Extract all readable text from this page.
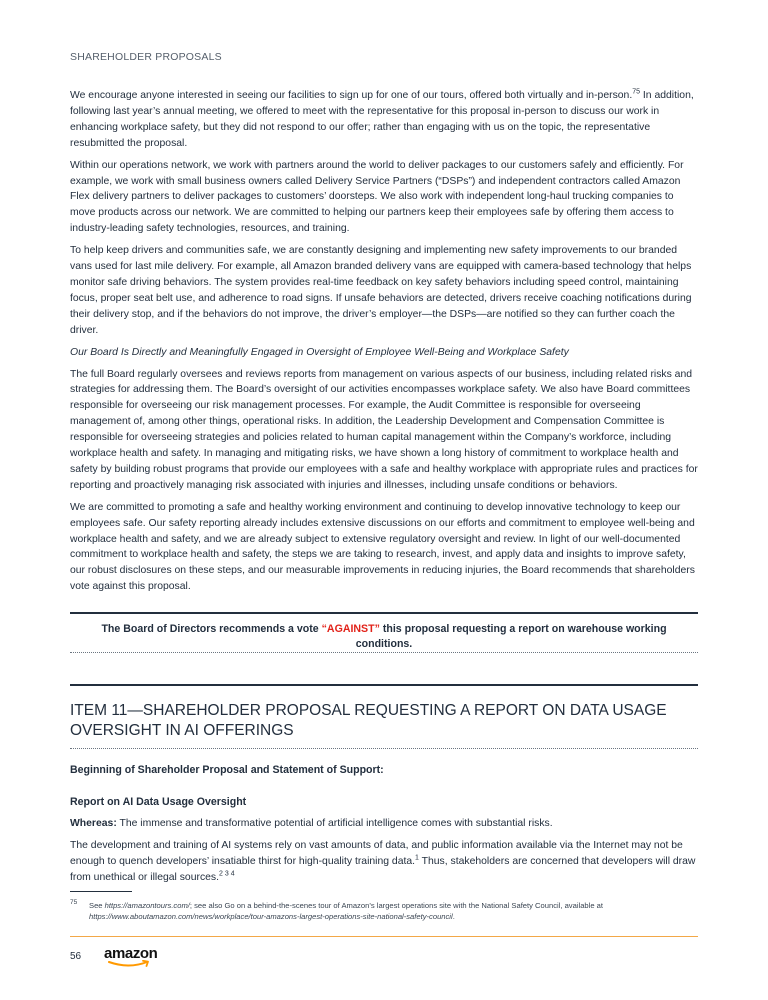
SHAREHOLDER PROPOSALS

We encourage anyone interested in seeing our facilities to sign up for one of our tours, offered both virtually and in-person.$^{75}$ In addition, following last year’s annual meeting, we offered to meet with the representative for this proposal in-person to discuss our work in enhancing workplace safety, but they did not respond to our offer; rather than engaging with us on the topic, the representative resubmitted the proposal.

Within our operations network, we work with partners around the world to deliver packages to our customers safely and efficiently. For example, we work with small business owners called Delivery Service Partners (“DSPs”) and independent contractors called Amazon Flex delivery partners to deliver packages to customers’ doorsteps. We also work with independent long-haul trucking companies to move products across our network. We are committed to helping our partners keep their employees safe by offering them access to industry-leading safety technologies, resources, and training.

To help keep drivers and communities safe, we are constantly designing and implementing new safety improvements to our branded vans used for last mile delivery. For example, all Amazon branded delivery vans are equipped with camera-based technology that helps monitor safe driving behaviors. The system provides real-time feedback on key safety behaviors including speed control, maintaining focus, proper seat belt use, and adherence to road signs. If unsafe behaviors are detected, drivers receive coaching notifications during their delivery stop, and if the behaviors do not improve, the driver’s employer—the DSPs—are notified so they can further coach the driver.

Our Board Is Directly and Meaningfully Engaged in Oversight of Employee Well-Being and Workplace Safety

The full Board regularly oversees and reviews reports from management on various aspects of our business, including related risks and strategies for addressing them. The Board’s oversight of our activities encompasses workplace safety. We also have Board committees responsible for overseeing our risk management processes. For example, the Audit Committee is responsible for overseeing management of, among other things, operational risks. In addition, the Leadership Development and Compensation Committee is responsible for overseeing strategies and policies related to human capital management within the Company’s workforce, including workplace health and safety. In managing and mitigating risks, we have shown a long history of commitment to workplace health and safety by building robust programs that provide our employees with a safe and healthy workplace with appropriate rules and practices for reporting and proactively managing risk associated with injuries and illnesses, including unsafe conditions or behaviors.

We are committed to promoting a safe and healthy working environment and continuing to develop innovative technology to keep our employees safe. Our safety reporting already includes extensive discussions on our efforts and commitment to employee well-being and workplace health and safety, and we are already subject to extensive regulatory oversight and review. In light of our well-documented commitment to workplace health and safety, the steps we are taking to research, invest, and apply data and insights to improve safety, our robust disclosures on these steps, and our measurable improvements in reducing injuries, the Board recommends that shareholders vote against this proposal.

The Board of Directors recommends a vote “AGAINST” this proposal requesting a report on warehouse working conditions.
ITEM 11—SHAREHOLDER PROPOSAL REQUESTING A REPORT ON DATA USAGE OVERSIGHT IN AI OFFERINGS
Beginning of Shareholder Proposal and Statement of Support:
Report on AI Data Usage Oversight

Whereas: The immense and transformative potential of artificial intelligence comes with substantial risks.

The development and training of AI systems rely on vast amounts of data, and public information available via the Internet may not be enough to quench developers’ insatiable thirst for high-quality training data.$^1$ Thus, stakeholders are concerned that developers will draw from unethical or illegal sources.$^{2 3 4}$

75 See https://amazontours.com/; see also Go on a behind-the-scenes tour of Amazon’s largest operations site with the National Safety Council, available at https://www.aboutamazon.com/news/workplace/tour-amazons-largest-operations-site-national-safety-council.
56 amazon
